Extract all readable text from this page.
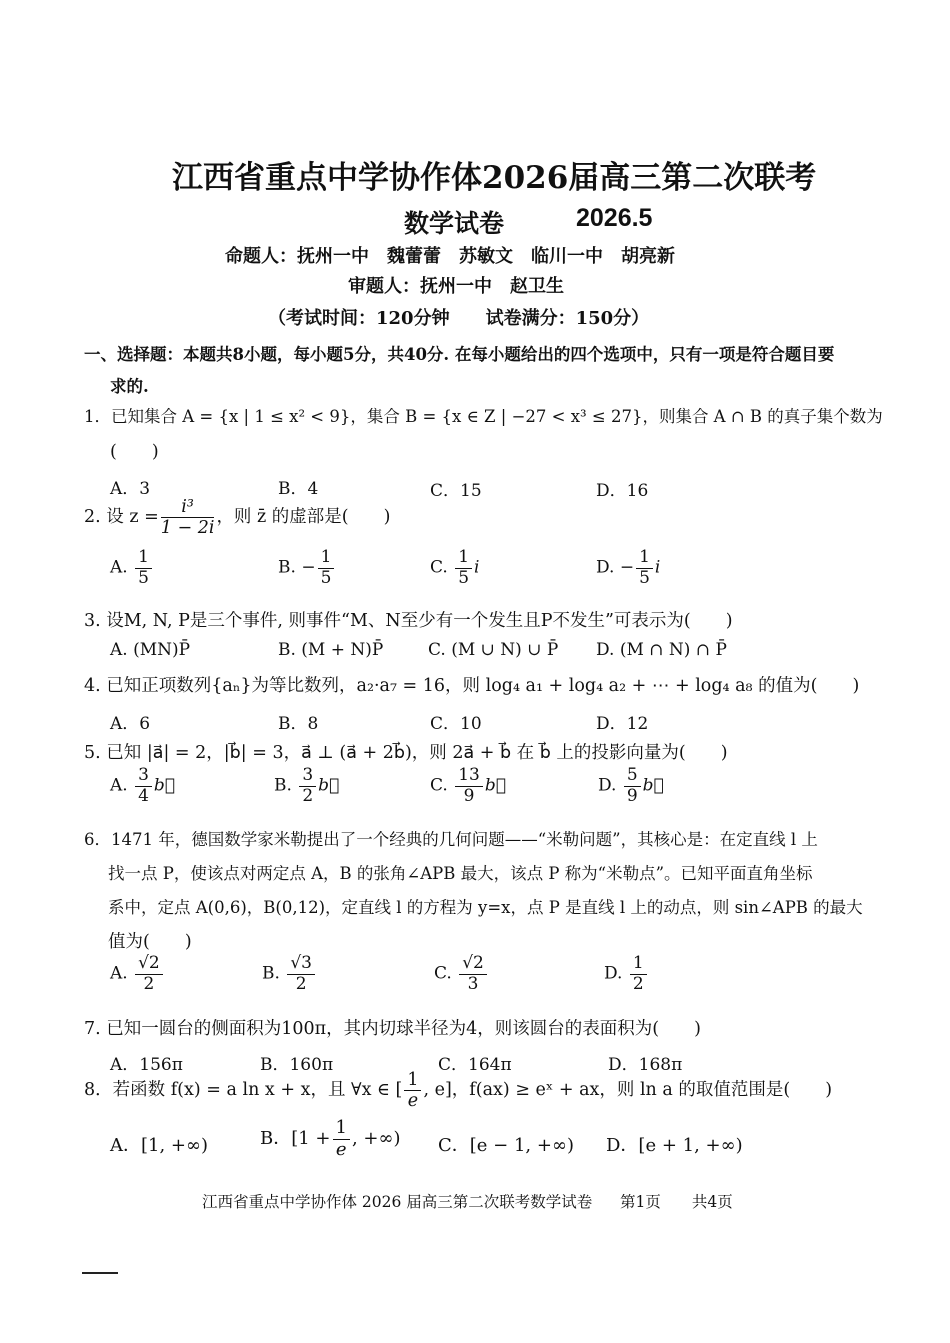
江西省重点中学协作体2026届高三第二次联考
数学试卷	2026.5
命题人：抚州一中　魏蕾蕾　苏敏文　临川一中　胡亮新
审题人：抚州一中　赵卫生
（考试时间：120分钟　　试卷满分：150分）
一、选择题：本题共8小题，每小题5分，共40分. 在每小题给出的四个选项中，只有一项是符合题目要
求的.
1．已知集合 A = {x | 1 ≤ x² < 9}，集合 B = {x ∈ Z | −27 < x³ ≤ 27}，则集合 A ∩ B 的真子集个数为
(　　)
A．3	B．4	C．15	D．16
2. 设 $z = \frac{\text{i³}}{1 - 2i}$ ，则 z̄ 的虚部是(　　)
A. $\frac{1}{5}$	B. − $\frac{1}{5}$	C. $\frac{1}{5}$ i	D. − $\frac{1}{5}$ i
3. 设M, N, P是三个事件, 则事件“M、N至少有一个发生且P不发生”可表示为(　　)
A. (MN)P̄	B. (M + N)P̄	C. (M ∪ N) ∪ P̄ D. (M ∩ N) ∩ P̄
4. 已知正项数列{aₙ}为等比数列，a₂·a₇ = 16，则 log₄ a₁ + log₄ a₂ + ⋯ + log₄ a₈ 的值为(　　)
A．6	B．8	C．10	D．12
5. 已知 |a⃗| = 2，|b⃗| = 3，a⃗ ⊥ (a⃗ + 2b⃗)，则 2a⃗ + b⃗ 在 b⃗ 上的投影向量为(　　)
A. $\frac{3}{4}$ b⃗	B. $\frac{3}{2}$ b⃗	C. $\frac{13}{9}$ b⃗	D. $\frac{5}{9}$ b⃗
6．1471 年，德国数学家米勒提出了一个经典的几何问题——“米勒问题”，其核心是：在定直线 l 上
找一点 P，使该点对两定点 A，B 的张角∠APB 最大，该点 P 称为“米勒点”。已知平面直角坐标
系中，定点 A(0,6)，B(0,12)，定直线 l 的方程为 y=x，点 P 是直线 l 上的动点，则 sin∠APB 的最大
值为(　　)
A. $\frac{√2}{2}$	B. $\frac{√3}{2}$	C. $\frac{√2}{3}$	D. $\frac{1}{2}$
7. 已知一圆台的侧面积为100π，其内切球半径为4，则该圆台的表面积为(　　)
A．156π	B．160π	C．164π	D．168π
8．若函数 f(x) = a ln x + x，且 ∀x ∈ [ $\frac{1}{e}$ , e]，f(ax) ≥ eˣ + ax，则 ln a 的取值范围是(　　)
A．[1, +∞)	B．[$1 + \frac{1}{e}$ , +∞) C．[e − 1, +∞) D．[e + 1, +∞)
江西省重点中学协作体 2026 届高三第二次联考数学试卷 第1页　　共4页
